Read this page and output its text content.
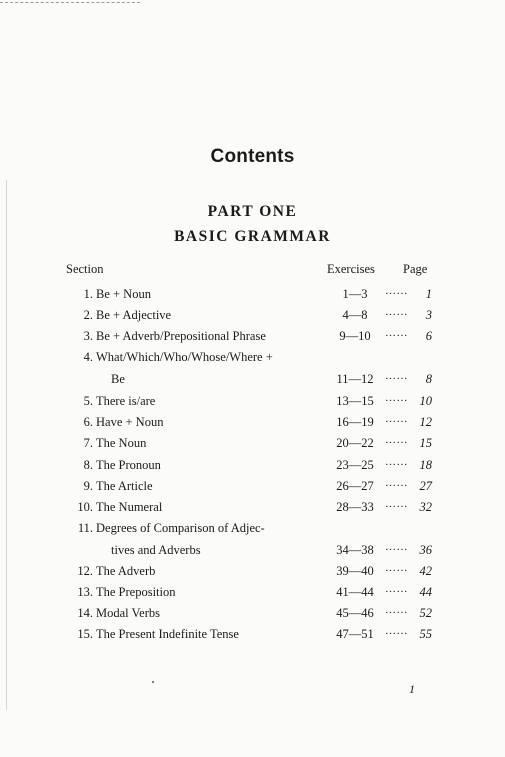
Contents
PART ONE
BASIC GRAMMAR
Section	Exercises Page
1. Be + Noun	1—3	…… 1
2. Be + Adjective	4—8	…… 3
3. Be + Adverb/Prepositional Phrase	9—10	…… 6
4. What/Which/Who/Whose/Where +
Be	11—12	…… 8
5. There is/are	13—15	…… 10
6. Have + Noun	16—19	…… 12
7. The Noun	20—22	…… 15
8. The Pronoun	23—25	…… 18
9. The Article	26—27	…… 27
10. The Numeral	28—33	…… 32
11. Degrees of Comparison of Adjec-
tives and Adverbs	34—38	…… 36
12. The Adverb	39—40	…… 42
13. The Preposition	41—44	…… 44
14. Modal Verbs	45—46	…… 52
15. The Present Indefinite Tense	47—51	…… 55
1
